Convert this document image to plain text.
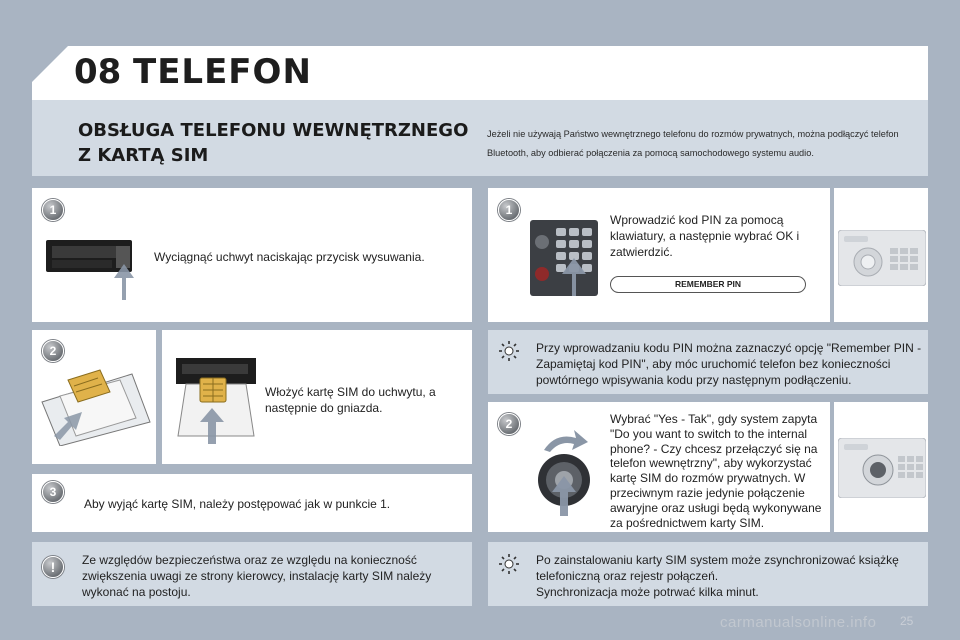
08 TELEFON
OBSŁUGA TELEFONU WEWNĘTRZNEGO
Z KARTĄ SIM
Jeżeli nie używają Państwo wewnętrznego telefonu do rozmów prywatnych, można podłączyć telefon
Bluetooth, aby odbierać połączenia za pomocą samochodowego systemu audio.
1
Wyciągnąć uchwyt naciskając przycisk wysuwania.
2
Włożyć kartę SIM do uchwytu, a
następnie do gniazda.
3
Aby wyjąć kartę SIM, należy postępować jak w punkcie 1.
!	Ze względów bezpieczeństwa oraz ze względu na konieczność
zwiększenia uwagi ze strony kierowcy, instalację karty SIM należy
wykonać na postoju.
1
Wprowadzić kod PIN za pomocą
klawiatury, a następnie wybrać OK i
zatwierdzić.
REMEMBER PIN
Przy wprowadzaniu kodu PIN można zaznaczyć opcję "Remember PIN -
Zapamiętaj kod PIN", aby móc uruchomić telefon bez konieczności
powtórnego wpisywania kodu przy następnym podłączeniu.
2	Wybrać "Yes - Tak", gdy system zapyta
"Do you want to switch to the internal
phone? - Czy chcesz przełączyć się na
telefon wewnętrzny", aby wykorzystać
kartę SIM do rozmów prywatnych. W
przeciwnym razie jedynie połączenie
awaryjne oraz usługi będą wykonywane
za pośrednictwem karty SIM.
Po zainstalowaniu karty SIM system może zsynchronizować książkę
telefoniczną oraz rejestr połączeń.
Synchronizacja może potrwać kilka minut.
carmanualsonline.info 25
